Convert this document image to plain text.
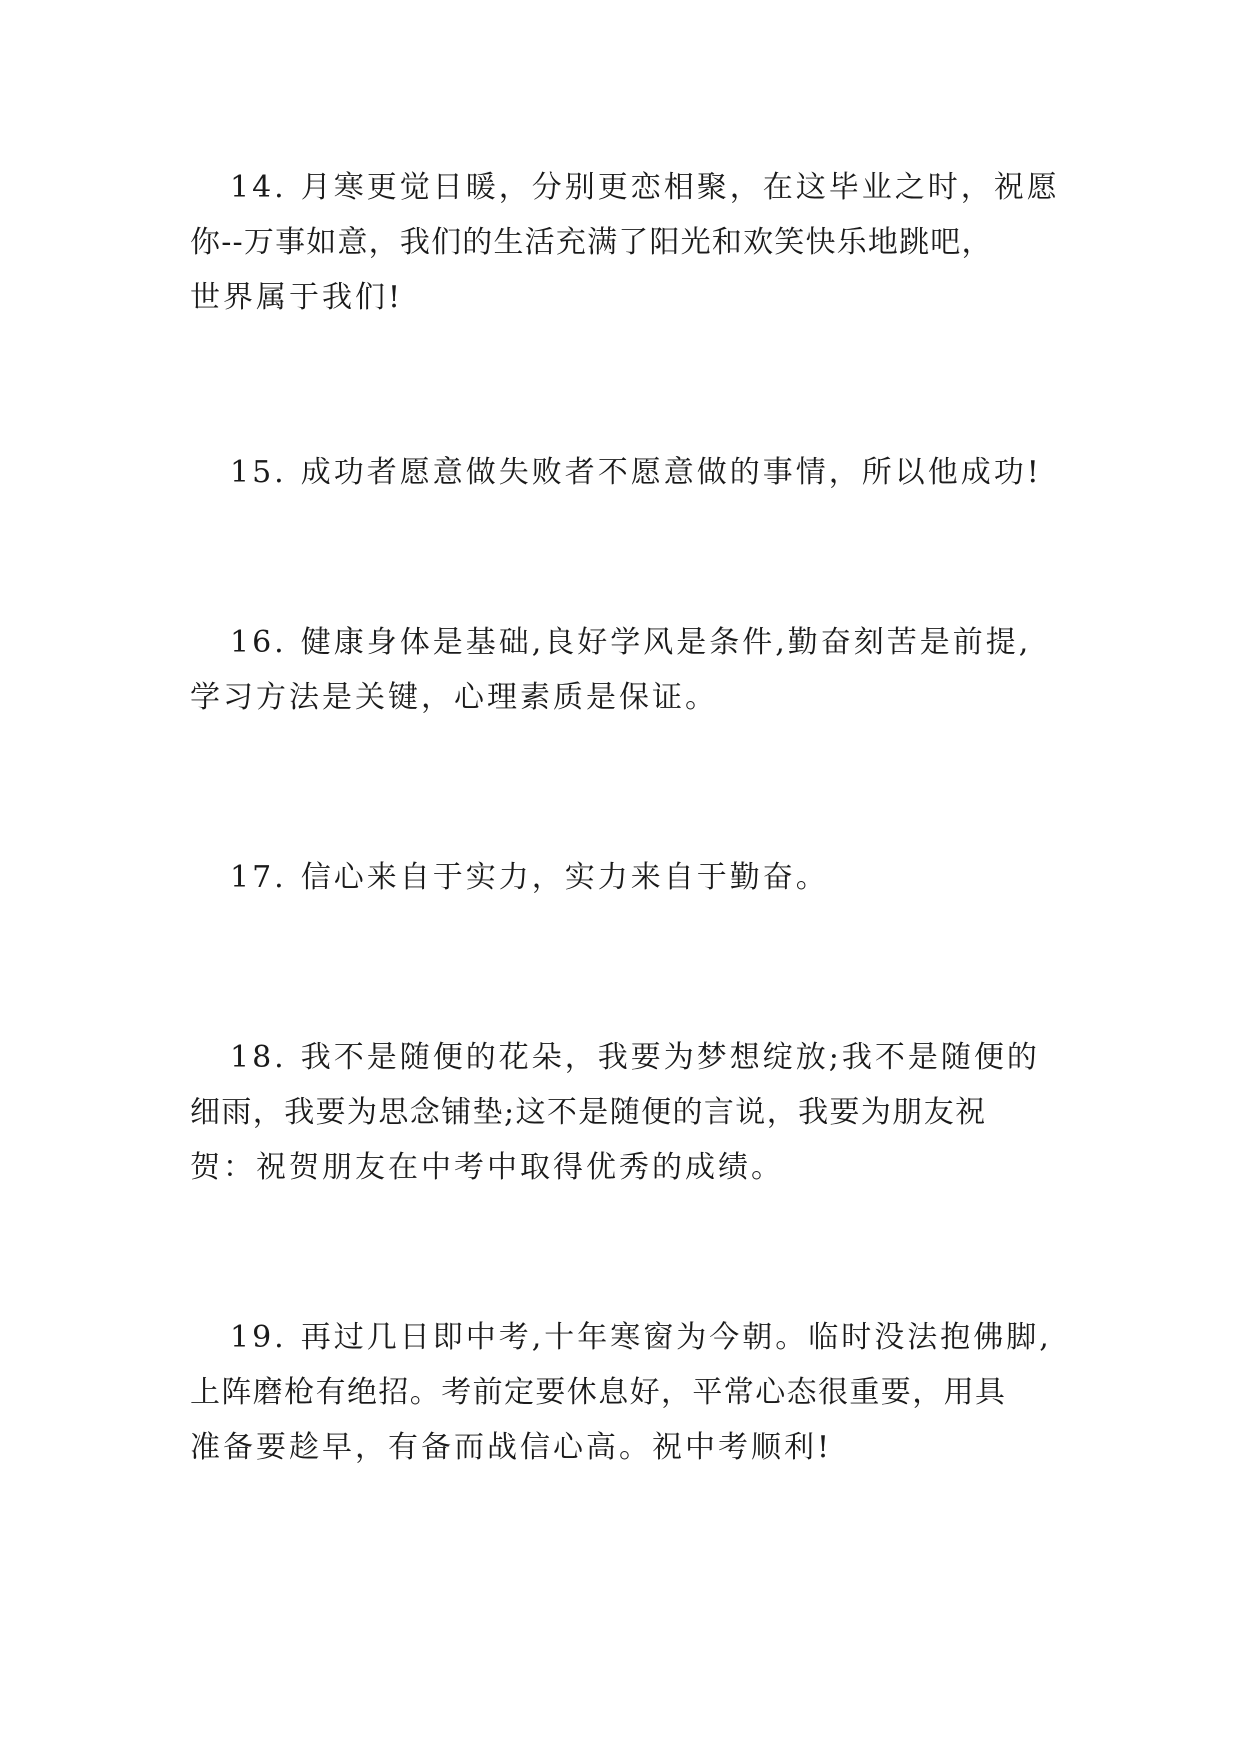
14. 月寒更觉日暖，分别更恋相聚，在这毕业之时，祝愿
你--万事如意，我们的生活充满了阳光和欢笑快乐地跳吧，
世界属于我们!

15. 成功者愿意做失败者不愿意做的事情，所以他成功!

16. 健康身体是基础,良好学风是条件,勤奋刻苦是前提,
学习方法是关键，心理素质是保证。

17. 信心来自于实力，实力来自于勤奋。

18. 我不是随便的花朵，我要为梦想绽放;我不是随便的
细雨，我要为思念铺垫;这不是随便的言说，我要为朋友祝
贺：祝贺朋友在中考中取得优秀的成绩。

19. 再过几日即中考,十年寒窗为今朝。临时没法抱佛脚,
上阵磨枪有绝招。考前定要休息好，平常心态很重要，用具
准备要趁早，有备而战信心高。祝中考顺利!
